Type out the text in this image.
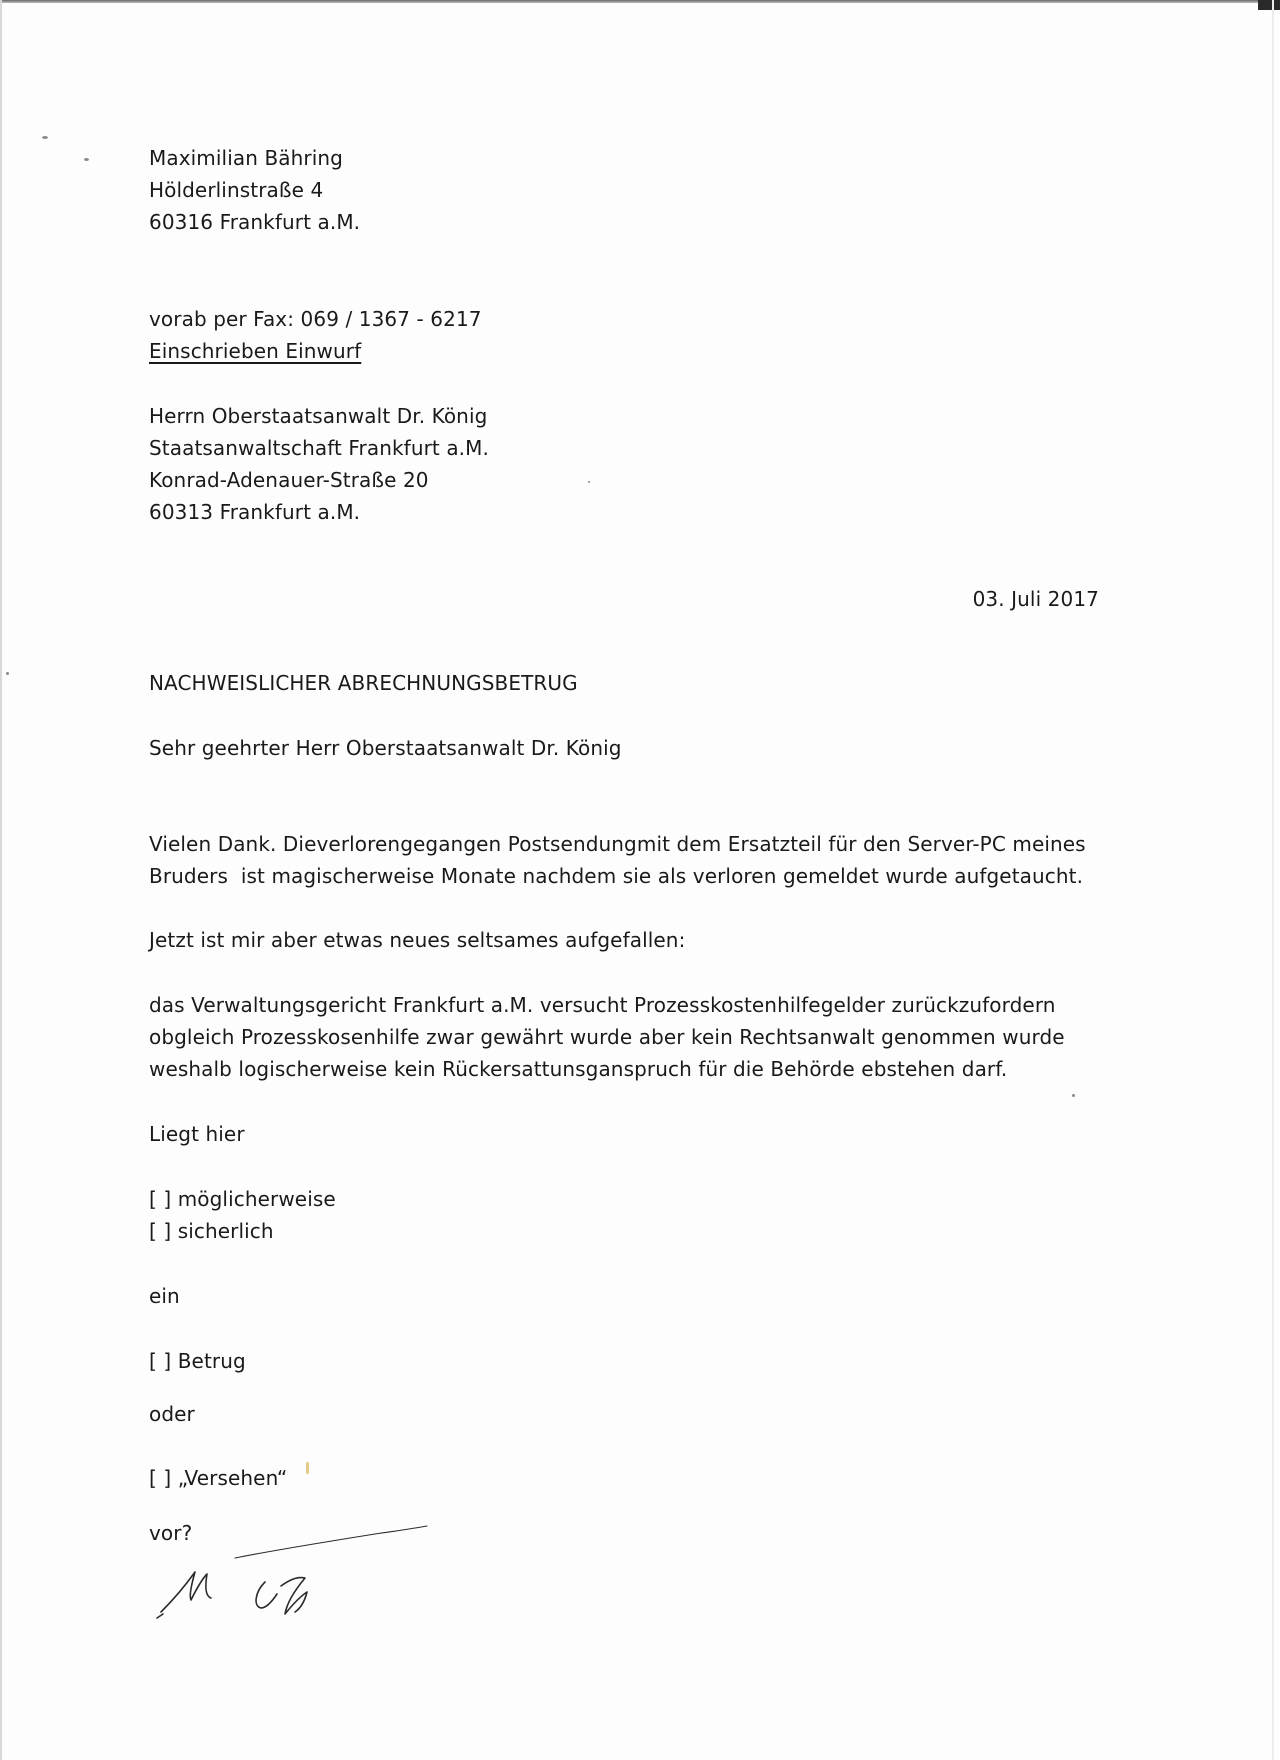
Maximilian Bähring
Hölderlinstraße 4
60316 Frankfurt a.M.
vorab per Fax: 069 / 1367 - 6217
Einschrieben Einwurf
Herrn Oberstaatsanwalt Dr. König
Staatsanwaltschaft Frankfurt a.M.
Konrad-Adenauer-Straße 20
60313 Frankfurt a.M.
03. Juli 2017
NACHWEISLICHER ABRECHNUNGSBETRUG
Sehr geehrter Herr Oberstaatsanwalt Dr. König
Vielen Dank. Dieverlorengegangen Postsendungmit dem Ersatzteil für den Server-PC meines
Bruders  ist magischerweise Monate nachdem sie als verloren gemeldet wurde aufgetaucht.
Jetzt ist mir aber etwas neues seltsames aufgefallen:
das Verwaltungsgericht Frankfurt a.M. versucht Prozesskostenhilfegelder zurückzufordern
obgleich Prozesskosenhilfe zwar gewährt wurde aber kein Rechtsanwalt genommen wurde
weshalb logischerweise kein Rückersattunsganspruch für die Behörde ebstehen darf.
Liegt hier
[ ] möglicherweise
[ ] sicherlich
ein
[ ] Betrug
oder
[ ] „Versehen“
vor?
